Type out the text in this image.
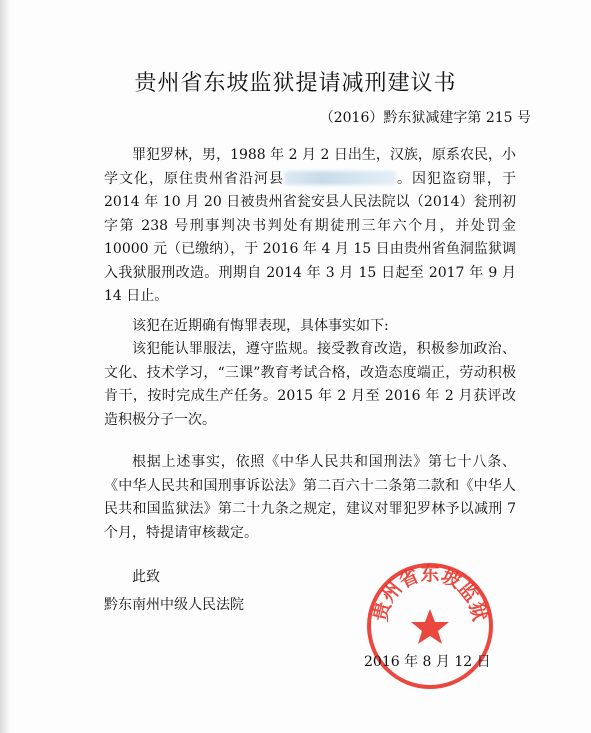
贵州省东坡监狱提请减刑建议书
（2016）黔东狱减建字第 215 号
罪犯罗林，男，1988 年 2 月 2 日出生，汉族，原系农民，小学文化，原住贵州省沿河县	。因犯盗窃罪，于 2014 年 10 月 20 日被贵州省瓮安县人民法院以（2014）瓮刑初字第 238 号刑事判决书判处有期徒刑三年六个月，并处罚金 10000 元（已缴纳），于 2016 年 4 月 15 日由贵州省鱼洞监狱调入我狱服刑改造。刑期自 2014 年 3 月 15 日起至 2017 年 9 月 14 日止。
该犯在近期确有悔罪表现，具体事实如下:
该犯能认罪服法，遵守监规。接受教育改造，积极参加政治、文化、技术学习，“三课”教育考试合格，改造态度端正，劳动积极肯干，按时完成生产任务。2015 年 2 月至 2016 年 2 月获评改造积极分子一次。
根据上述事实，依照《中华人民共和国刑法》第七十八条、《中华人民共和国刑事诉讼法》第二百六十二条第二款和《中华人民共和国监狱法》第二十九条之规定，建议对罪犯罗林予以减刑 7 个月，特提请审核裁定。
此致
黔东南州中级人民法院	贵州省东坡监狱
2016 年 8 月 12 日
